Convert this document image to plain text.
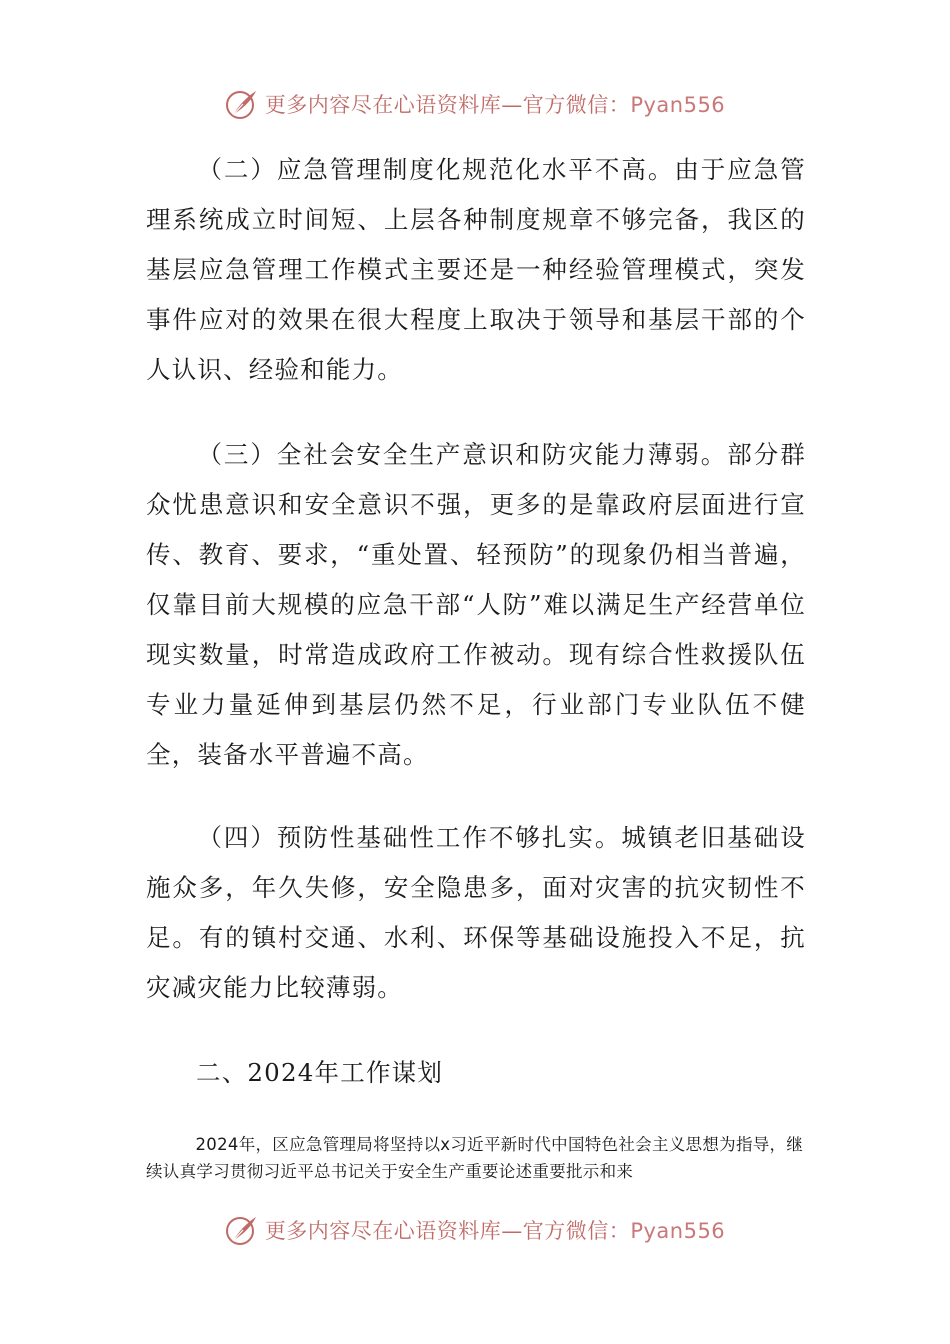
更多内容尽在心语资料库—官方微信：Pyan556

（二）应急管理制度化规范化水平不高。由于应急管理系统成立时间短、上层各种制度规章不够完备，我区的基层应急管理工作模式主要还是一种经验管理模式，突发事件应对的效果在很大程度上取决于领导和基层干部的个人认识、经验和能力。

（三）全社会安全生产意识和防灾能力薄弱。部分群众忧患意识和安全意识不强，更多的是靠政府层面进行宣传、教育、要求，“重处置、轻预防”的现象仍相当普遍，仅靠目前大规模的应急干部“人防”难以满足生产经营单位现实数量，时常造成政府工作被动。现有综合性救援队伍专业力量延伸到基层仍然不足，行业部门专业队伍不健全，装备水平普遍不高。

（四）预防性基础性工作不够扎实。城镇老旧基础设施众多，年久失修，安全隐患多，面对灾害的抗灾韧性不足。有的镇村交通、水利、环保等基础设施投入不足，抗灾减灾能力比较薄弱。

二、2024年工作谋划

2024年，区应急管理局将坚持以x习近平新时代中国特色社会主义思想为指导，继续认真学习贯彻习近平总书记关于安全生产重要论述重要批示和来

更多内容尽在心语资料库—官方微信：Pyan556
